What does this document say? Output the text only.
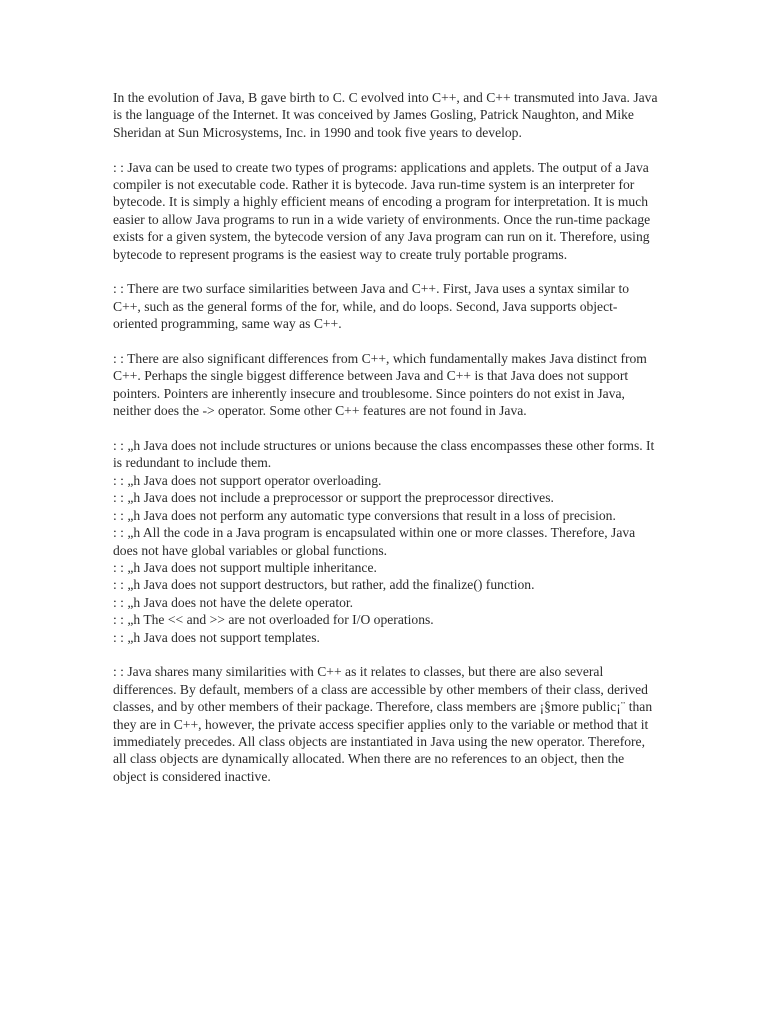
In the evolution of Java, B gave birth to C. C evolved into C++, and C++ transmuted into Java. Java is the language of the Internet. It was conceived by James Gosling, Patrick Naughton, and Mike Sheridan at Sun Microsystems, Inc. in 1990 and took five years to develop.

: : Java can be used to create two types of programs: applications and applets. The output of a Java compiler is not executable code. Rather it is bytecode. Java run-time system is an interpreter for bytecode. It is simply a highly efficient means of encoding a program for interpretation. It is much easier to allow Java programs to run in a wide variety of environments. Once the run-time package exists for a given system, the bytecode version of any Java program can run on it. Therefore, using bytecode to represent programs is the easiest way to create truly portable programs.

: : There are two surface similarities between Java and C++. First, Java uses a syntax similar to C++, such as the general forms of the for, while, and do loops. Second, Java supports object-oriented programming, same way as C++.

: : There are also significant differences from C++, which fundamentally makes Java distinct from C++. Perhaps the single biggest difference between Java and C++ is that Java does not support pointers. Pointers are inherently insecure and troublesome. Since pointers do not exist in Java, neither does the -> operator. Some other C++ features are not found in Java.

: : „h Java does not include structures or unions because the class encompasses these other forms. It is redundant to include them.
: : „h Java does not support operator overloading.
: : „h Java does not include a preprocessor or support the preprocessor directives.
: : „h Java does not perform any automatic type conversions that result in a loss of precision.
: : „h All the code in a Java program is encapsulated within one or more classes. Therefore, Java does not have global variables or global functions.
: : „h Java does not support multiple inheritance.
: : „h Java does not support destructors, but rather, add the finalize() function.
: : „h Java does not have the delete operator.
: : „h The << and >> are not overloaded for I/O operations.
: : „h Java does not support templates.

: : Java shares many similarities with C++ as it relates to classes, but there are also several differences. By default, members of a class are accessible by other members of their class, derived classes, and by other members of their package. Therefore, class members are ¡§more public¡¨ than they are in C++, however, the private access specifier applies only to the variable or method that it immediately precedes. All class objects are instantiated in Java using the new operator. Therefore, all class objects are dynamically allocated. When there are no references to an object, then the object is considered inactive.
